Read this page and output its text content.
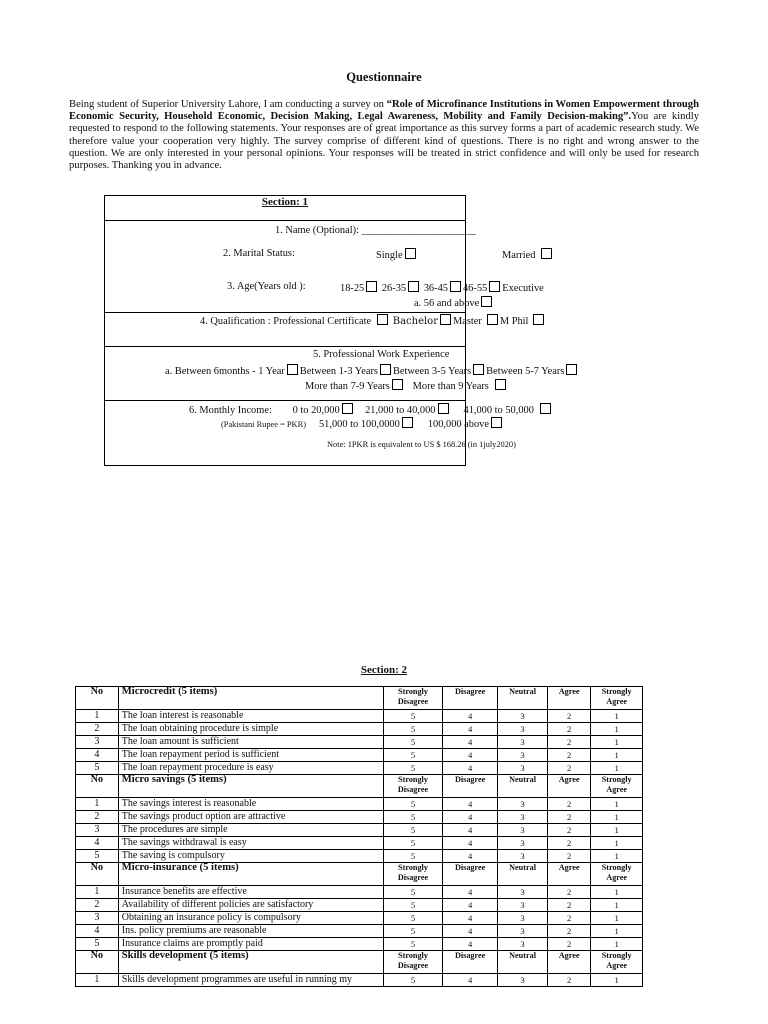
Questionnaire
Being student of Superior University Lahore, I am conducting a survey on “Role of Microfinance Institutions in Women Empowerment through Economic Security, Household Economic, Decision Making, Legal Awareness, Mobility and Family Decision-making”.You are kindly requested to respond to the following statements. Your responses are of great importance as this survey forms a part of academic research study. We therefore value your cooperation very highly. The survey comprise of different kind of questions. There is no right and wrong answer to the question. We are only interested in your personal opinions. Your responses will be treated in strict confidence and will only be used for research purposes. Thanking you in advance.
Section: 1
1. Name (Optional): ______________________
2. Marital Status:	Single	Married
3. Age(Years old ):	18-25 26-35 36-45 46-55 Executive
a. 56 and above
4. Qualification : Professional Certificate Bachelor Master M Phil
5. Professional Work Experience
a. Between 6months - 1 Year Between 1-3 Years Between 3-5 Years Between 5-7 Years
More than 7-9 Years More than 9 Years
6. Monthly Income: 0 to 20,000 21,000 to 40,000	41,000 to 50,000
(Pakistani Rupee = PKR) 51,000 to 100,0000	100,000 above
Note: 1PKR is equivalent to US $ 168.26 (in 1july2020)
Section: 2
No	Microcredit (5 items)	Strongly Disagree	Disagree	Neutral	Agree	Strongly Agree
1	The loan interest is reasonable	5	4	3	2	1
2	The loan obtaining procedure is simple	5	4	3	2	1
3	The loan amount is sufficient	5	4	3	2	1
4	The loan repayment period is sufficient	5	4	3	2	1
5	The loan repayment procedure is easy	5	4	3	2	1
No	Micro savings (5 items)	Strongly Disagree	Disagree	Neutral	Agree	Strongly Agree
1	The savings interest is reasonable	5	4	3	2	1
2	The savings product option are attractive	5	4	3	2	1
3	The procedures are simple	5	4	3	2	1
4	The savings withdrawal is easy	5	4	3	2	1
5	The saving is compulsory	5	4	3	2	1
No	Micro-insurance (5 items)	Strongly Disagree	Disagree	Neutral	Agree	Strongly Agree
1	Insurance benefits are effective	5	4	3	2	1
2	Availability of different policies are satisfactory	5	4	3	2	1
3	Obtaining an insurance policy is compulsory	5	4	3	2	1
4	Ins. policy premiums are reasonable	5	4	3	2	1
5	Insurance claims are promptly paid	5	4	3	2	1
No	Skills development (5 items)	Strongly Disagree	Disagree	Neutral	Agree	Strongly Agree
1	Skills development programmes are useful in running my	5	4	3	2	1
